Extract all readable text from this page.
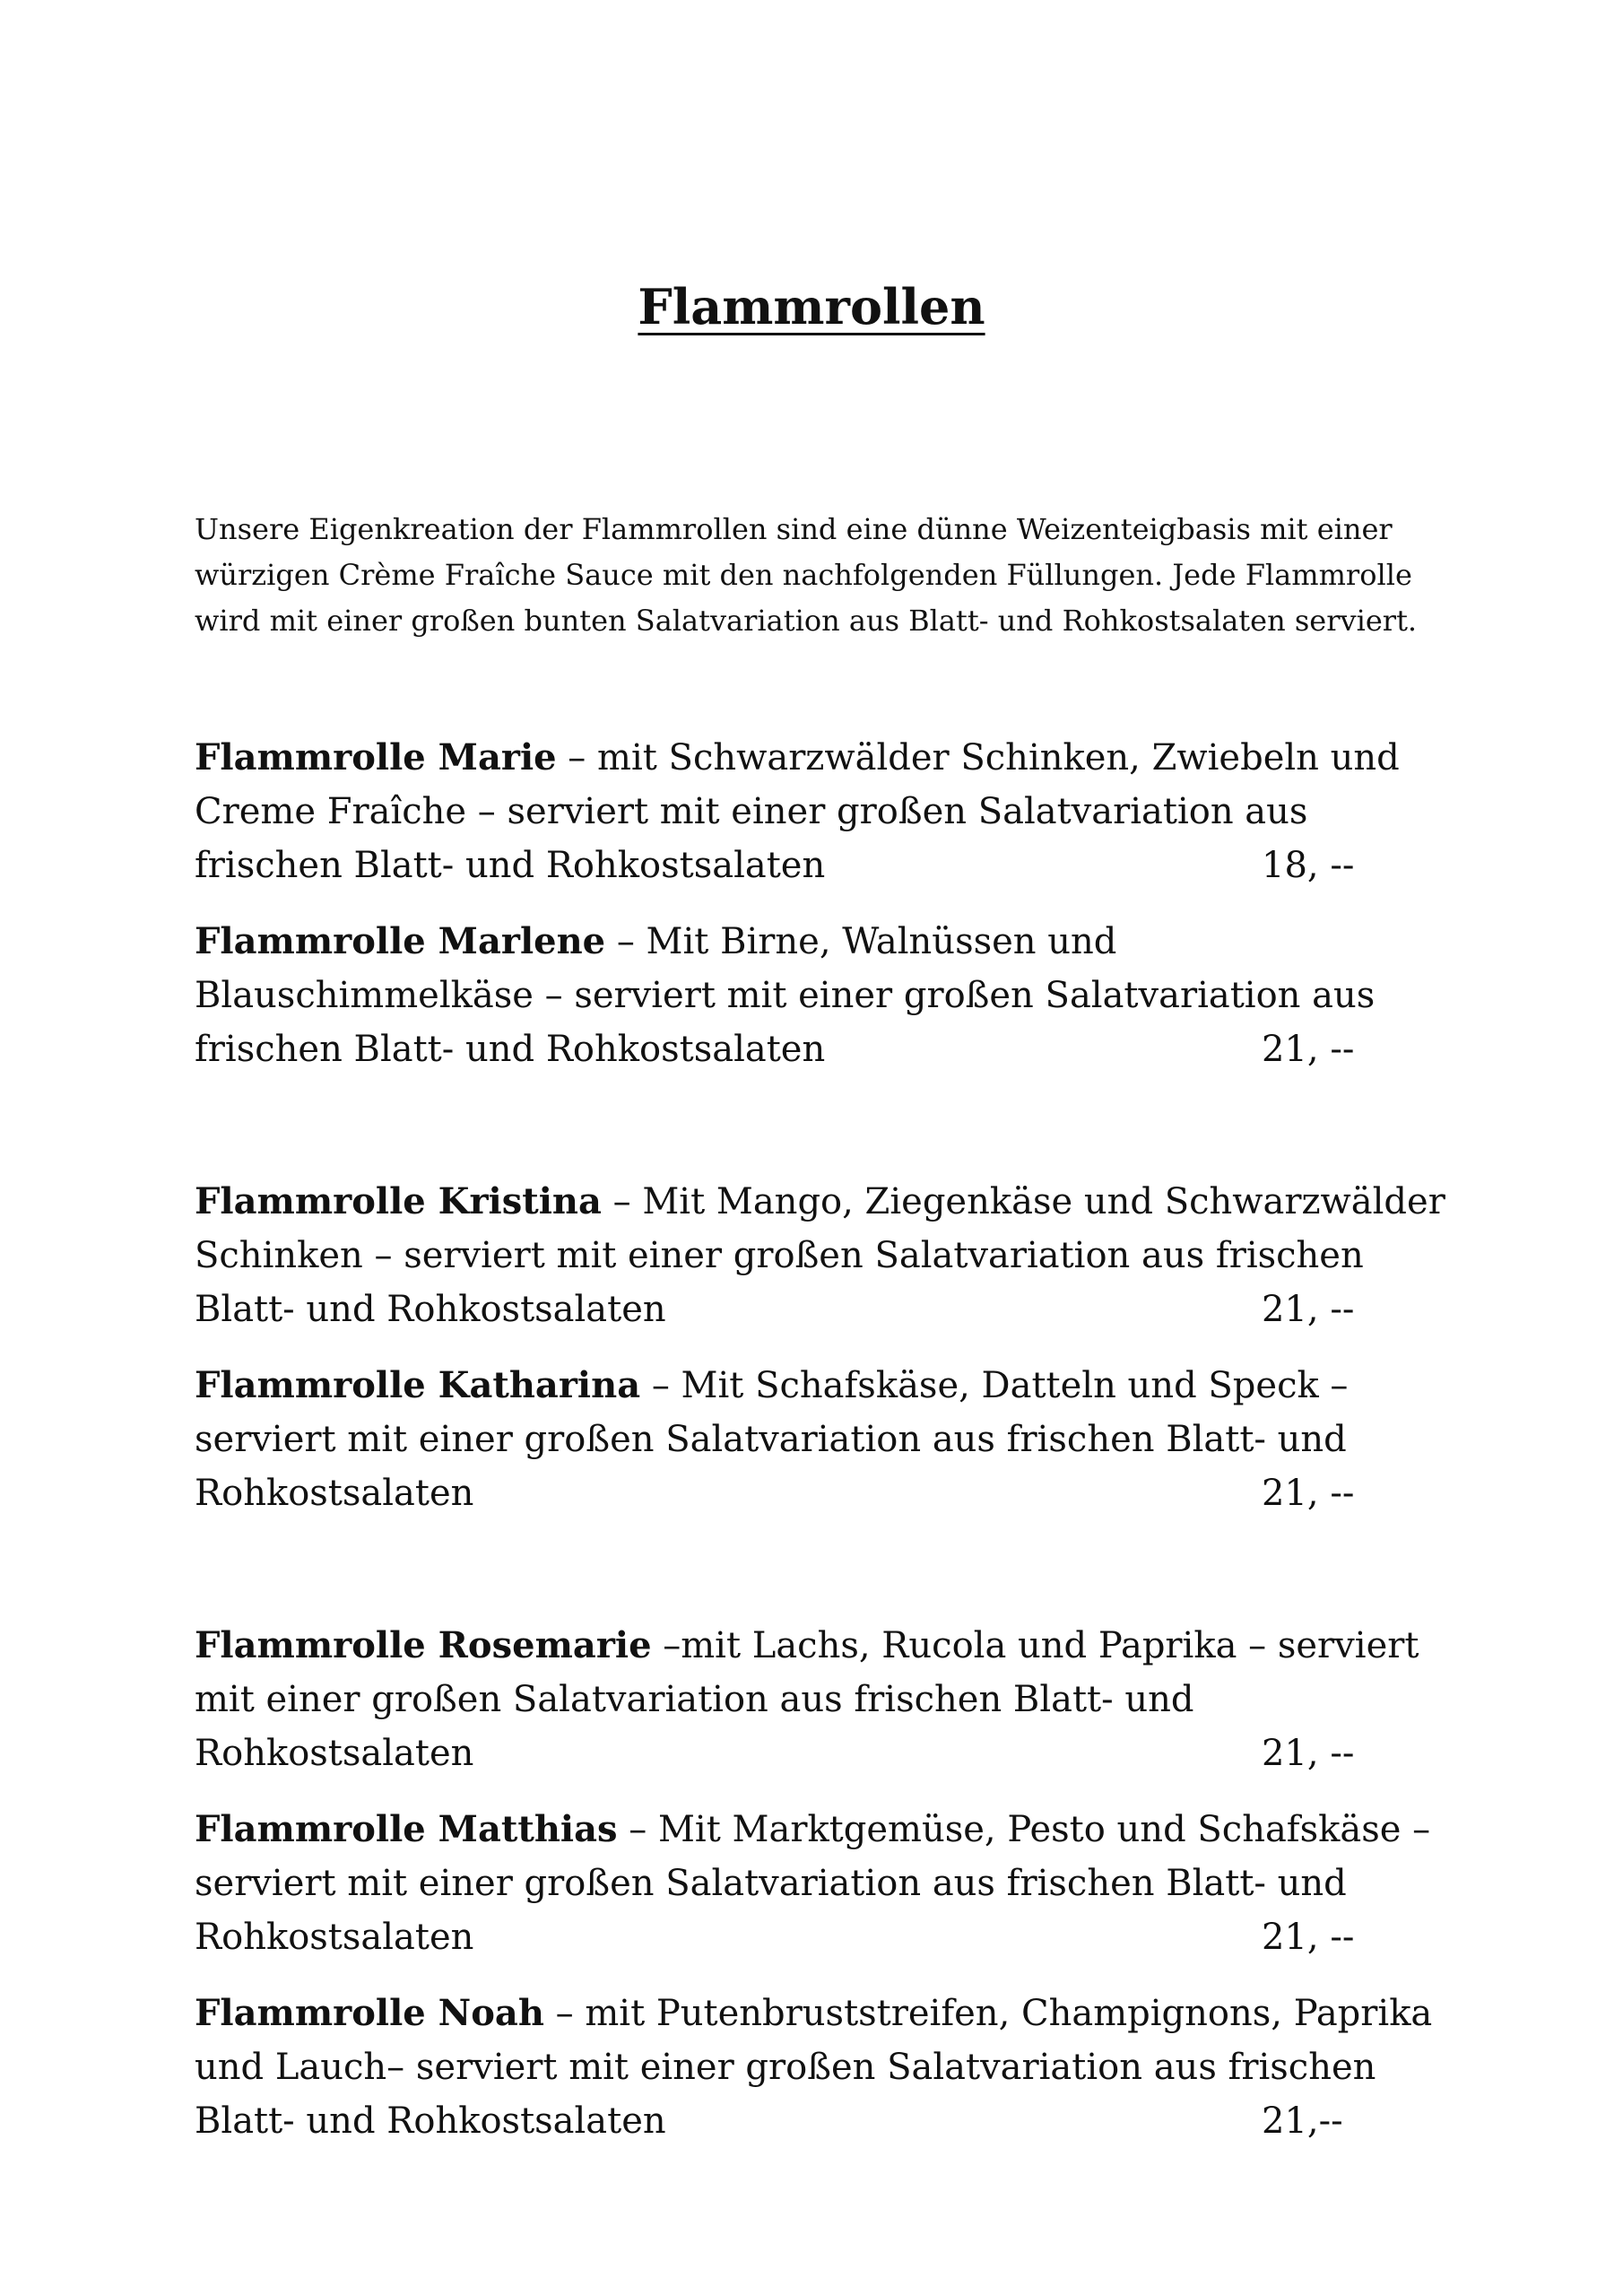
Flammrollen
Unsere Eigenkreation der Flammrollen sind eine dünne Weizenteigbasis mit einer
würzigen Crème Fraîche Sauce mit den nachfolgenden Füllungen. Jede Flammrolle
wird mit einer großen bunten Salatvariation aus Blatt- und Rohkostsalaten serviert.
Flammrolle Marie – mit Schwarzwälder Schinken, Zwiebeln und
Creme Fraîche – serviert mit einer großen Salatvariation aus
frischen Blatt- und Rohkostsalaten	18, --
Flammrolle Marlene – Mit Birne, Walnüssen und
Blauschimmelkäse – serviert mit einer großen Salatvariation aus
frischen Blatt- und Rohkostsalaten	21, --
Flammrolle Kristina – Mit Mango, Ziegenkäse und Schwarzwälder
Schinken – serviert mit einer großen Salatvariation aus frischen
Blatt- und Rohkostsalaten	21, --
Flammrolle Katharina – Mit Schafskäse, Datteln und Speck –
serviert mit einer großen Salatvariation aus frischen Blatt- und
Rohkostsalaten	21, --
Flammrolle Rosemarie –mit Lachs, Rucola und Paprika – serviert
mit einer großen Salatvariation aus frischen Blatt- und
Rohkostsalaten	21, --
Flammrolle Matthias – Mit Marktgemüse, Pesto und Schafskäse –
serviert mit einer großen Salatvariation aus frischen Blatt- und
Rohkostsalaten	21, --
Flammrolle Noah – mit Putenbruststreifen, Champignons, Paprika
und Lauch– serviert mit einer großen Salatvariation aus frischen
Blatt- und Rohkostsalaten	21,--
